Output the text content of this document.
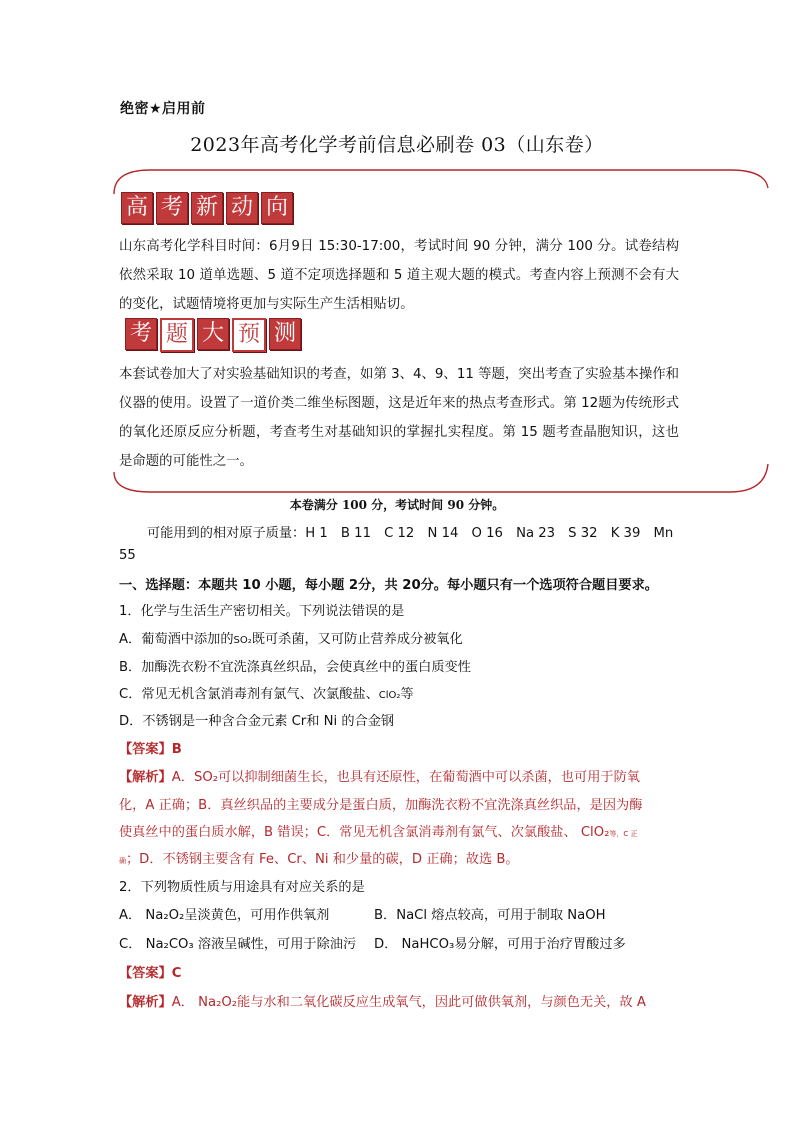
绝密★启用前
2023年高考化学考前信息必刷卷 03（山东卷）
高 考 新 动 向
山东高考化学科目时间：6月9日 15:30-17:00，考试时间 90 分钟，满分 100 分。试卷结构依然采取 10 道单选题、5 道不定项选择题和 5 道主观大题的模式。考查内容上预测不会有大的变化，试题情境将更加与实际生产生活相贴切。
考 题 大 预 测
本套试卷加大了对实验基础知识的考查，如第 3、4、9、11 等题，突出考查了实验基本操作和仪器的使用。设置了一道价类二维坐标图题，这是近年来的热点考查形式。第 12题为传统形式的氧化还原反应分析题，考查考生对基础知识的掌握扎实程度。第 15 题考查晶胞知识，这也是命题的可能性之一。
本卷满分 100 分，考试时间 90 分钟。
可能用到的相对原子质量：H 1　B 11　C 12　N 14　O 16　Na 23　S 32　K 39　Mn
55
一、选择题：本题共 10 小题，每小题 2分，共 20分。每小题只有一个选项符合题目要求。
1．化学与生活生产密切相关。下列说法错误的是
A．葡萄酒中添加的SO₂既可杀菌，又可防止营养成分被氧化
B．加酶洗衣粉不宜洗涤真丝织品，会使真丝中的蛋白质变性
C．常见无机含氯消毒剂有氯气、次氯酸盐、ClO₂等
D．不锈钢是一种含合金元素 Cr和 Ni 的合金钢
【答案】B
【解析】A．SO₂可以抑制细菌生长，也具有还原性，在葡萄酒中可以杀菌，也可用于防氧
化，A 正确；B．真丝织品的主要成分是蛋白质，加酶洗衣粉不宜洗涤真丝织品，是因为酶
使真丝中的蛋白质水解，B 错误；C．常见无机含氯消毒剂有氯气、次氯酸盐、 ClO₂等，C 正
确；D．不锈钢主要含有 Fe、Cr、Ni 和少量的碳，D 正确；故选 B。
2．下列物质性质与用途具有对应关系的是
A． Na₂O₂呈淡黄色，可用作供氧剂	B．NaCl 熔点较高，可用于制取 NaOH
C． Na₂CO₃ 溶液呈碱性，可用于除油污 D． NaHCO₃易分解，可用于治疗胃酸过多
【答案】C
【解析】A． Na₂O₂能与水和二氧化碳反应生成氧气，因此可做供氧剂，与颜色无关，故 A
